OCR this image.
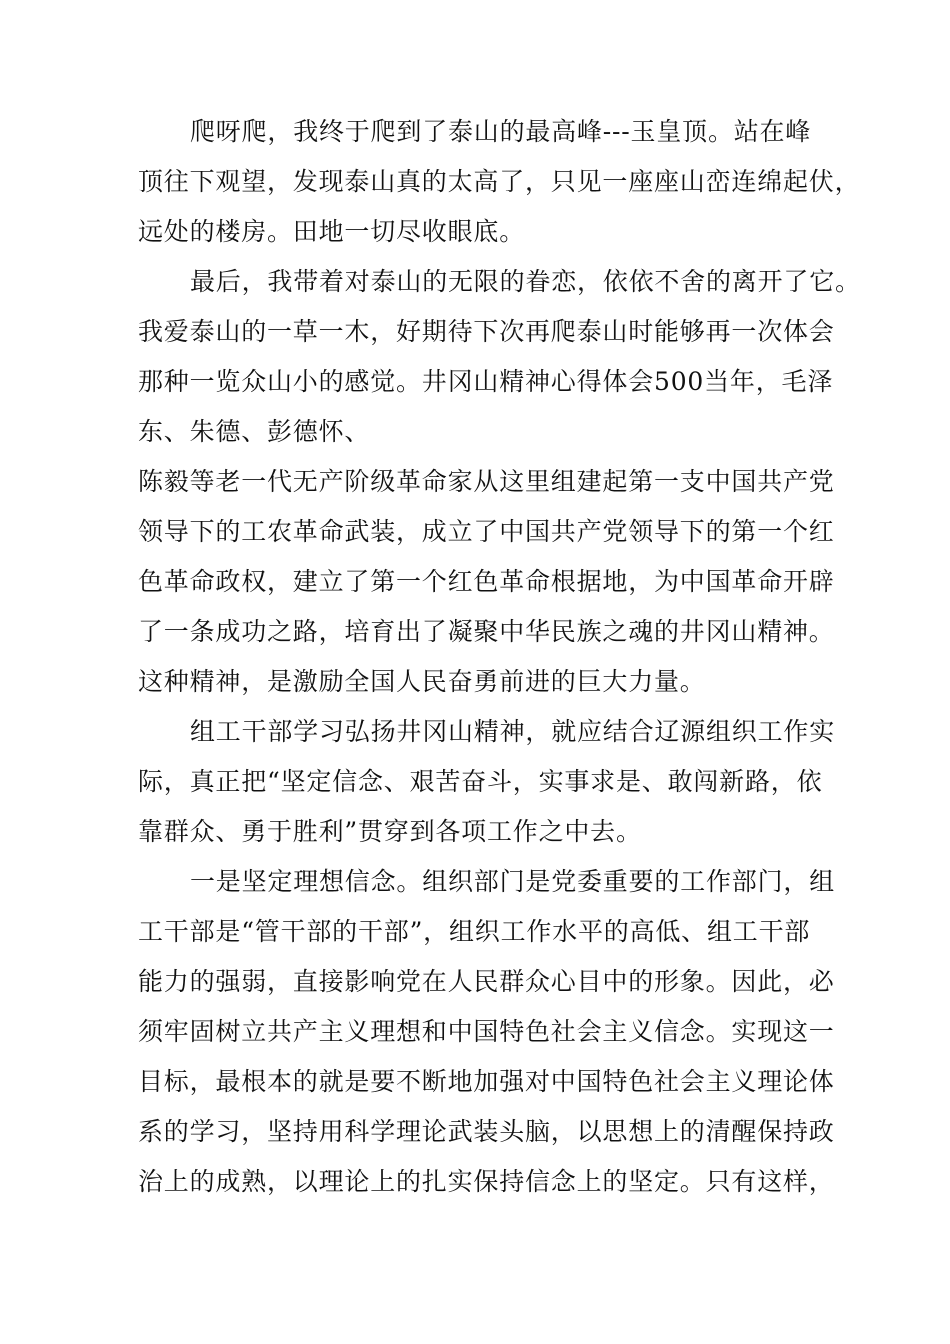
爬呀爬，我终于爬到了泰山的最高峰---玉皇顶。站在峰
顶往下观望，发现泰山真的太高了，只见一座座山峦连绵起伏，
远处的楼房。田地一切尽收眼底。
最后，我带着对泰山的无限的眷恋，依依不舍的离开了它。
我爱泰山的一草一木，好期待下次再爬泰山时能够再一次体会
那种一览众山小的感觉。井冈山精神心得体会500当年，毛泽
东、朱德、彭德怀、
陈毅等老一代无产阶级革命家从这里组建起第一支中国共产党
领导下的工农革命武装，成立了中国共产党领导下的第一个红
色革命政权，建立了第一个红色革命根据地，为中国革命开辟
了一条成功之路，培育出了凝聚中华民族之魂的井冈山精神。
这种精神，是激励全国人民奋勇前进的巨大力量。
组工干部学习弘扬井冈山精神，就应结合辽源组织工作实
际，真正把“坚定信念、艰苦奋斗，实事求是、敢闯新路，依
靠群众、勇于胜利”贯穿到各项工作之中去。
一是坚定理想信念。组织部门是党委重要的工作部门，组
工干部是“管干部的干部”，组织工作水平的高低、组工干部
能力的强弱，直接影响党在人民群众心目中的形象。因此，必
须牢固树立共产主义理想和中国特色社会主义信念。实现这一
目标，最根本的就是要不断地加强对中国特色社会主义理论体
系的学习，坚持用科学理论武装头脑，以思想上的清醒保持政
治上的成熟，以理论上的扎实保持信念上的坚定。只有这样，
